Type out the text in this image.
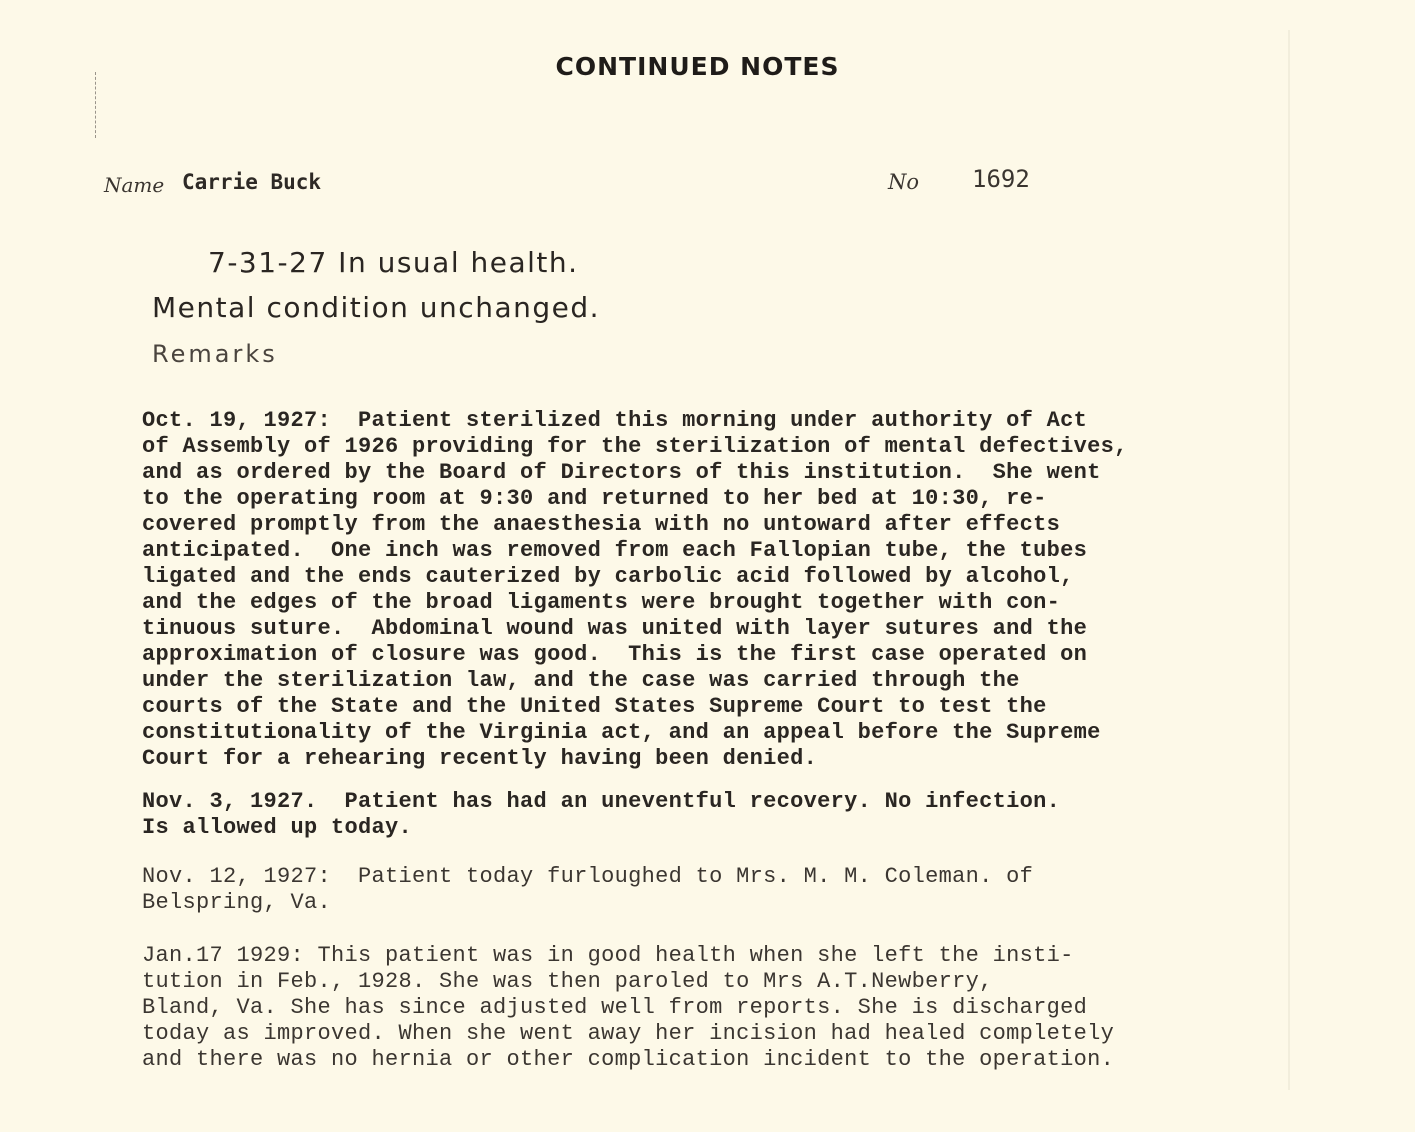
CONTINUED NOTES
Name Carrie Buck	No 1692
7-31-27 In usual health.
Mental condition unchanged.
Remarks
Oct. 19, 1927:  Patient sterilized this morning under authority of Act
of Assembly of 1926 providing for the sterilization of mental defectives,
and as ordered by the Board of Directors of this institution.  She went
to the operating room at 9:30 and returned to her bed at 10:30, re-
covered promptly from the anaesthesia with no untoward after effects
anticipated.  One inch was removed from each Fallopian tube, the tubes
ligated and the ends cauterized by carbolic acid followed by alcohol,
and the edges of the broad ligaments were brought together with con-
tinuous suture.  Abdominal wound was united with layer sutures and the
approximation of closure was good.  This is the first case operated on
under the sterilization law, and the case was carried through the
courts of the State and the United States Supreme Court to test the
constitutionality of the Virginia act, and an appeal before the Supreme
Court for a rehearing recently having been denied.
Nov. 3, 1927.  Patient has had an uneventful recovery. No infection.
Is allowed up today.
Nov. 12, 1927:  Patient today furloughed to Mrs. M. M. Coleman. of
Belspring, Va.
Jan.17 1929: This patient was in good health when she left the insti-
tution in Feb., 1928. She was then paroled to Mrs A.T.Newberry,
Bland, Va. She has since adjusted well from reports. She is discharged
today as improved. When she went away her incision had healed completely
and there was no hernia or other complication incident to the operation.
